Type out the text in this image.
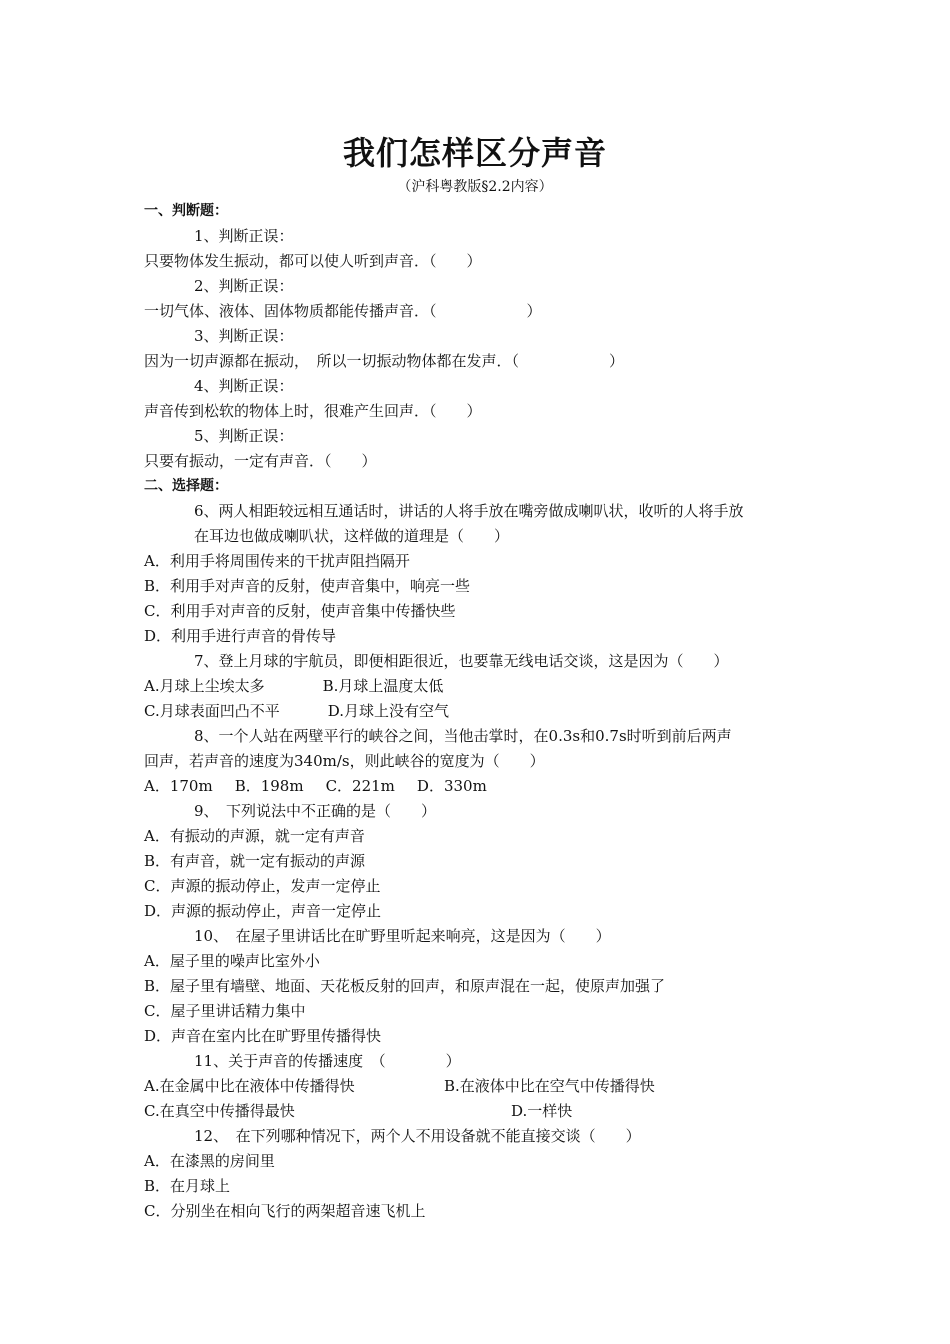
我们怎样区分声音
（沪科粤教版§2.2内容）
一、判断题：
1、判断正误：
只要物体发生振动，都可以使人听到声音．（　　）
2、判断正误：
一切气体、液体、固体物质都能传播声音．（　　　　　　）
3、判断正误：
因为一切声源都在振动，　所以一切振动物体都在发声．（　　　　　　）
4、判断正误：
声音传到松软的物体上时，很难产生回声．（　　）
5、判断正误：
只要有振动，一定有声音．（　　）
二、选择题：
6、两人相距较远相互通话时，讲话的人将手放在嘴旁做成喇叭状，收听的人将手放
在耳边也做成喇叭状，这样做的道理是（　　）
A．利用手将周围传来的干扰声阻挡隔开
B．利用手对声音的反射，使声音集中，响亮一些
C．利用手对声音的反射，使声音集中传播快些
D．利用手进行声音的骨传导
7、登上月球的宇航员，即便相距很近，也要靠无线电话交谈，这是因为（　　）
A.月球上尘埃太多	B.月球上温度太低
C.月球表面凹凸不平	D.月球上没有空气
8、一个人站在两壁平行的峡谷之间，当他击掌时，在0.3s和0.7s时听到前后两声
回声，若声音的速度为340m/s，则此峡谷的宽度为（　　）
A．170m B．198m C．221m D．330m
9、　下列说法中不正确的是（　　）
A．有振动的声源，就一定有声音
B．有声音，就一定有振动的声源
C．声源的振动停止，发声一定停止
D．声源的振动停止，声音一定停止
10、　在屋子里讲话比在旷野里听起来响亮，这是因为（　　）
A．屋子里的噪声比室外小
B．屋子里有墙壁、地面、天花板反射的回声，和原声混在一起，使原声加强了
C．屋子里讲话精力集中
D．声音在室内比在旷野里传播得快
11、关于声音的传播速度　（　　　　）
A.在金属中比在液体中传播得快	B.在液体中比在空气中传播得快
C.在真空中传播得最快	D.一样快
12、　在下列哪种情况下，两个人不用设备就不能直接交谈（　　）
A．在漆黑的房间里
B．在月球上
C．分别坐在相向飞行的两架超音速飞机上
